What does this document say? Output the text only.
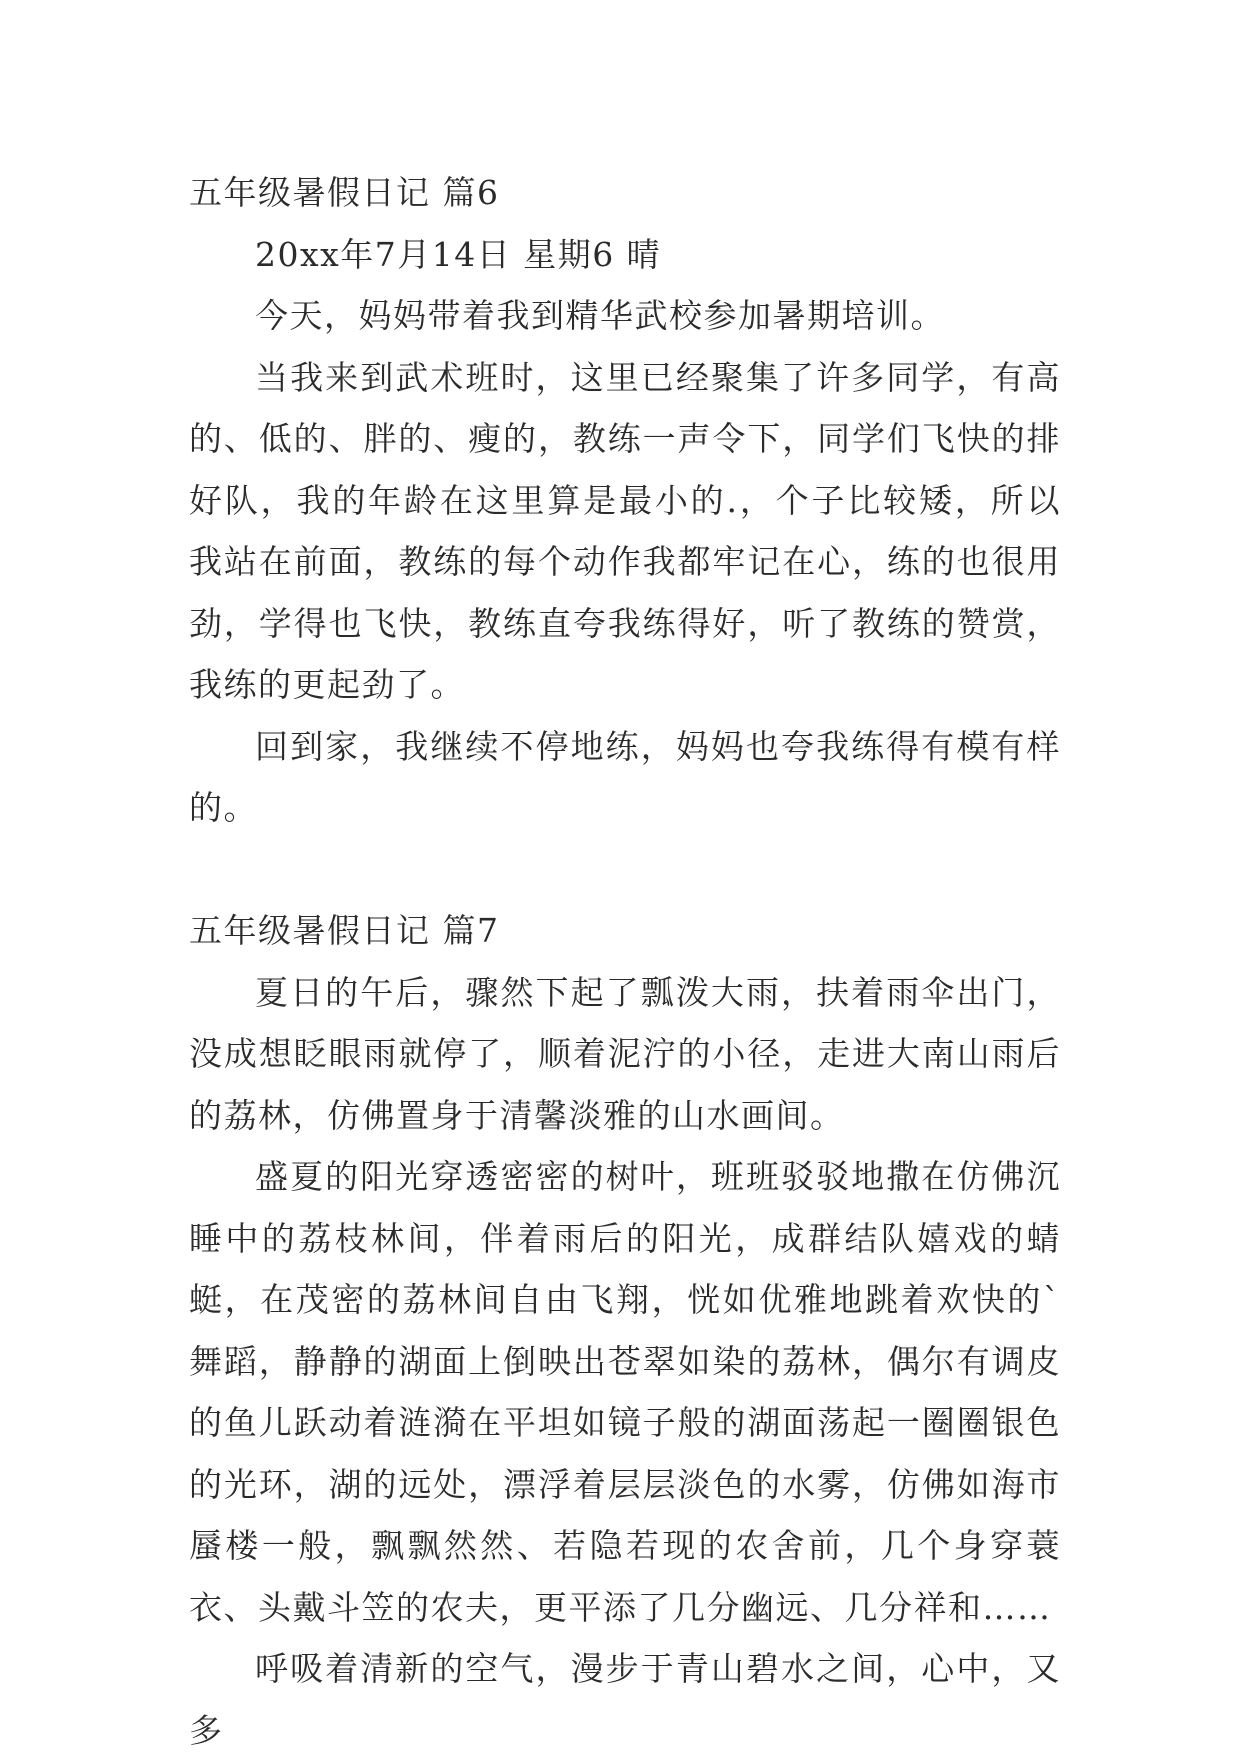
五年级暑假日记 篇6

20xx年7月14日 星期6 晴

今天，妈妈带着我到精华武校参加暑期培训。

当我来到武术班时，这里已经聚集了许多同学，有高的、低的、胖的、瘦的，教练一声令下，同学们飞快的排好队，我的年龄在这里算是最小的.，个子比较矮，所以我站在前面，教练的每个动作我都牢记在心，练的也很用劲，学得也飞快，教练直夸我练得好，听了教练的赞赏，我练的更起劲了。

回到家，我继续不停地练，妈妈也夸我练得有模有样的。

五年级暑假日记 篇7

夏日的午后，骤然下起了瓢泼大雨，扶着雨伞出门，没成想眨眼雨就停了，顺着泥泞的小径，走进大南山雨后的荔林，仿佛置身于清馨淡雅的山水画间。

盛夏的阳光穿透密密的树叶，班班驳驳地撒在仿佛沉睡中的荔枝林间，伴着雨后的阳光，成群结队嬉戏的蜻蜓，在茂密的荔林间自由飞翔，恍如优雅地跳着欢快的`舞蹈，静静的湖面上倒映出苍翠如染的荔林，偶尔有调皮的鱼儿跃动着涟漪在平坦如镜子般的湖面荡起一圈圈银色的光环，湖的远处，漂浮着层层淡色的水雾，仿佛如海市蜃楼一般，飘飘然然、若隐若现的农舍前，几个身穿蓑衣、头戴斗笠的农夫，更平添了几分幽远、几分祥和……

呼吸着清新的空气，漫步于青山碧水之间，心中，又多
